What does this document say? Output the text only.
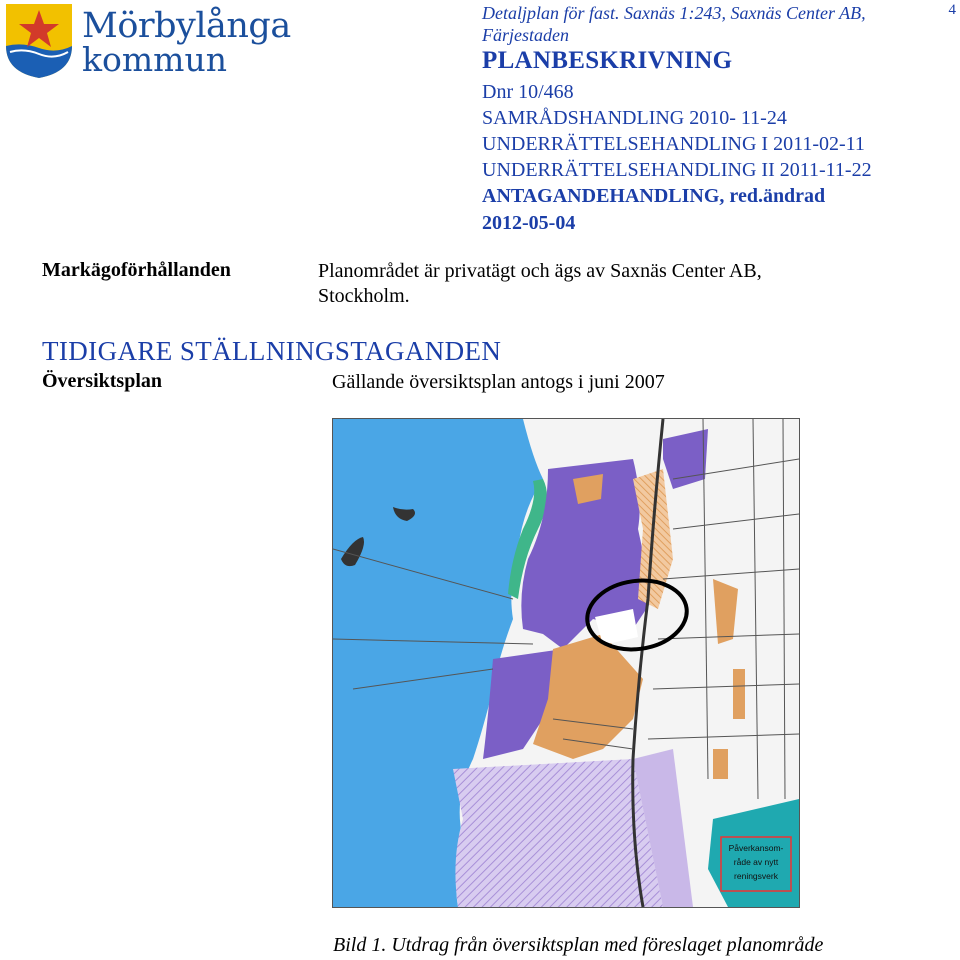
Mörbylånga
kommun
4
Detaljplan för fast. Saxnäs 1:243, Saxnäs Center AB,
Färjestaden
PLANBESKRIVNING
Dnr 10/468
SAMRÅDSHANDLING 2010- 11-24
UNDERRÄTTELSEHANDLING I 2011-02-11
UNDERRÄTTELSEHANDLING II 2011-11-22
ANTAGANDEHANDLING, red.ändrad
2012-05-04
Markägoförhållanden	Planområdet är privatägt och ägs av Saxnäs Center AB,
Stockholm.
TIDIGARE STÄLLNINGSTAGANDEN
Översiktsplan	Gällande översiktsplan antogs i juni 2007
Påverkansom-
råde av nytt
reningsverk
Bild 1. Utdrag från översiktsplan med föreslaget planområde
